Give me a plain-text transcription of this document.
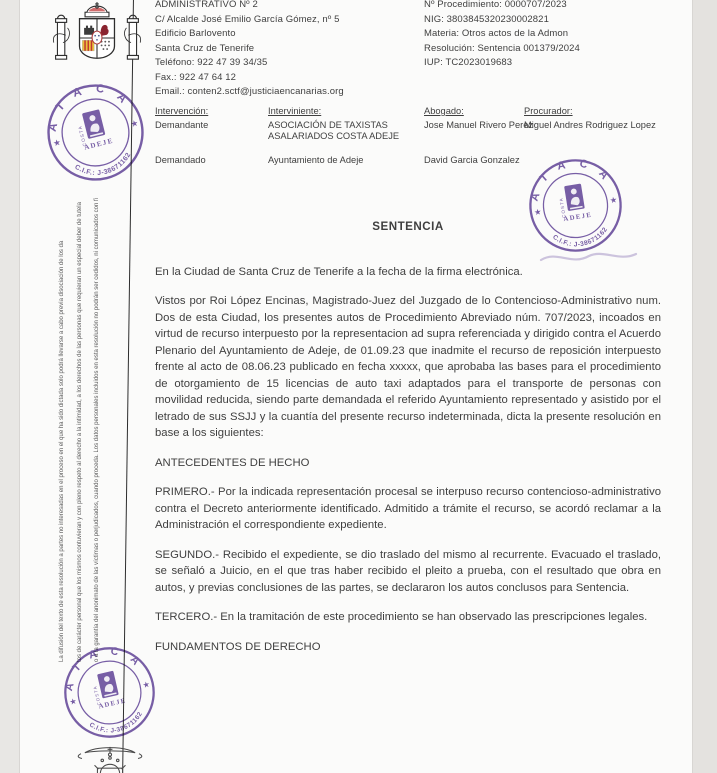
ADMINISTRATIVO Nº 2
C/ Alcalde José Emilio García Gómez, nº 5
Edificio Barlovento
Santa Cruz de Tenerife
Teléfono: 922 47 39 34/35
Fax.: 922 47 64 12
Email.: conten2.sctf@justiciaencanarias.org
Nº Procedimiento: 0000707/2023
NIG: 3803845320230002821
Materia: Otros actos de la Admon
Resolución: Sentencia 001379/2024
IUP: TC2023019683
Intervención:
Demandante
Demandado
Interviniente:
ASOCIACIÓN DE TAXISTAS ASALARIADOS COSTA ADEJE
Ayuntamiento de Adeje
Abogado:
Jose Manuel Rivero Perez
David Garcia Gonzalez
Procurador:
Miguel Andres Rodriguez Lopez
SENTENCIA

En la Ciudad de Santa Cruz de Tenerife a la fecha de la firma electrónica.

Vistos por Roi López Encinas, Magistrado-Juez del Juzgado de lo Contencioso-Administrativo num. Dos de esta Ciudad, los presentes autos de Procedimiento Abreviado núm. 707/2023, incoados en virtud de recurso interpuesto por la representacion ad supra referenciada y dirigido contra el Acuerdo Plenario del Ayuntamiento de Adeje, de 01.09.23 que inadmite el recurso de reposición interpuesto frente al acto de 08.06.23 publicado en fecha xxxxx, que aprobaba las bases para el procedimiento de otorgamiento de 15 licencias de auto taxi adaptados para el transporte de personas con movilidad reducida, siendo parte demandada el referido Ayuntamiento representado y asistido por el letrado de sus SSJJ y la cuantía del presente recurso indeterminada, dicta la presente resolución en base a los siguientes:

ANTECEDENTES DE HECHO

PRIMERO.- Por la indicada representación procesal se interpuso recurso contencioso-administrativo contra el Decreto anteriormente identificado. Admitido a trámite el recurso, se acordó reclamar a la Administración el correspondiente expediente.

SEGUNDO.- Recibido el expediente, se dio traslado del mismo al recurrente. Evacuado el traslado, se señaló a Juicio, en el que tras haber recibido el pleito a prueba, con el resultado que obra en autos, y previas conclusiones de las partes, se declararon los autos conclusos para Sentencia.

TERCERO.- En la tramitación de este procedimiento se han observado las prescripciones legales.

FUNDAMENTOS DE DERECHO
La difusión del texto de esta resolución a partes no interesadas en el proceso en el que ha sido dictada solo podrá llevarse a cabo previa disociación de los da	tos de carácter personal que los mismos contuvieran y con pleno respeto al derecho a la intimidad, a los derechos de las personas que requieran un especial deber de tutela	o a la garantía del anonimato de las víctimas o perjudicados, cuando proceda. Los datos personales incluidos en esta resolución no podrán ser cedidos, ni comunicados con fi
ATACA
C.I.F.: J-38671162
★
★
COSTA
ADEJE
ATACA
C.I.F.: J-38671162
★
★
COSTA
ADEJE
ATACA
C.I.F.: J-38671162
★
★
COSTA
ADEJE
